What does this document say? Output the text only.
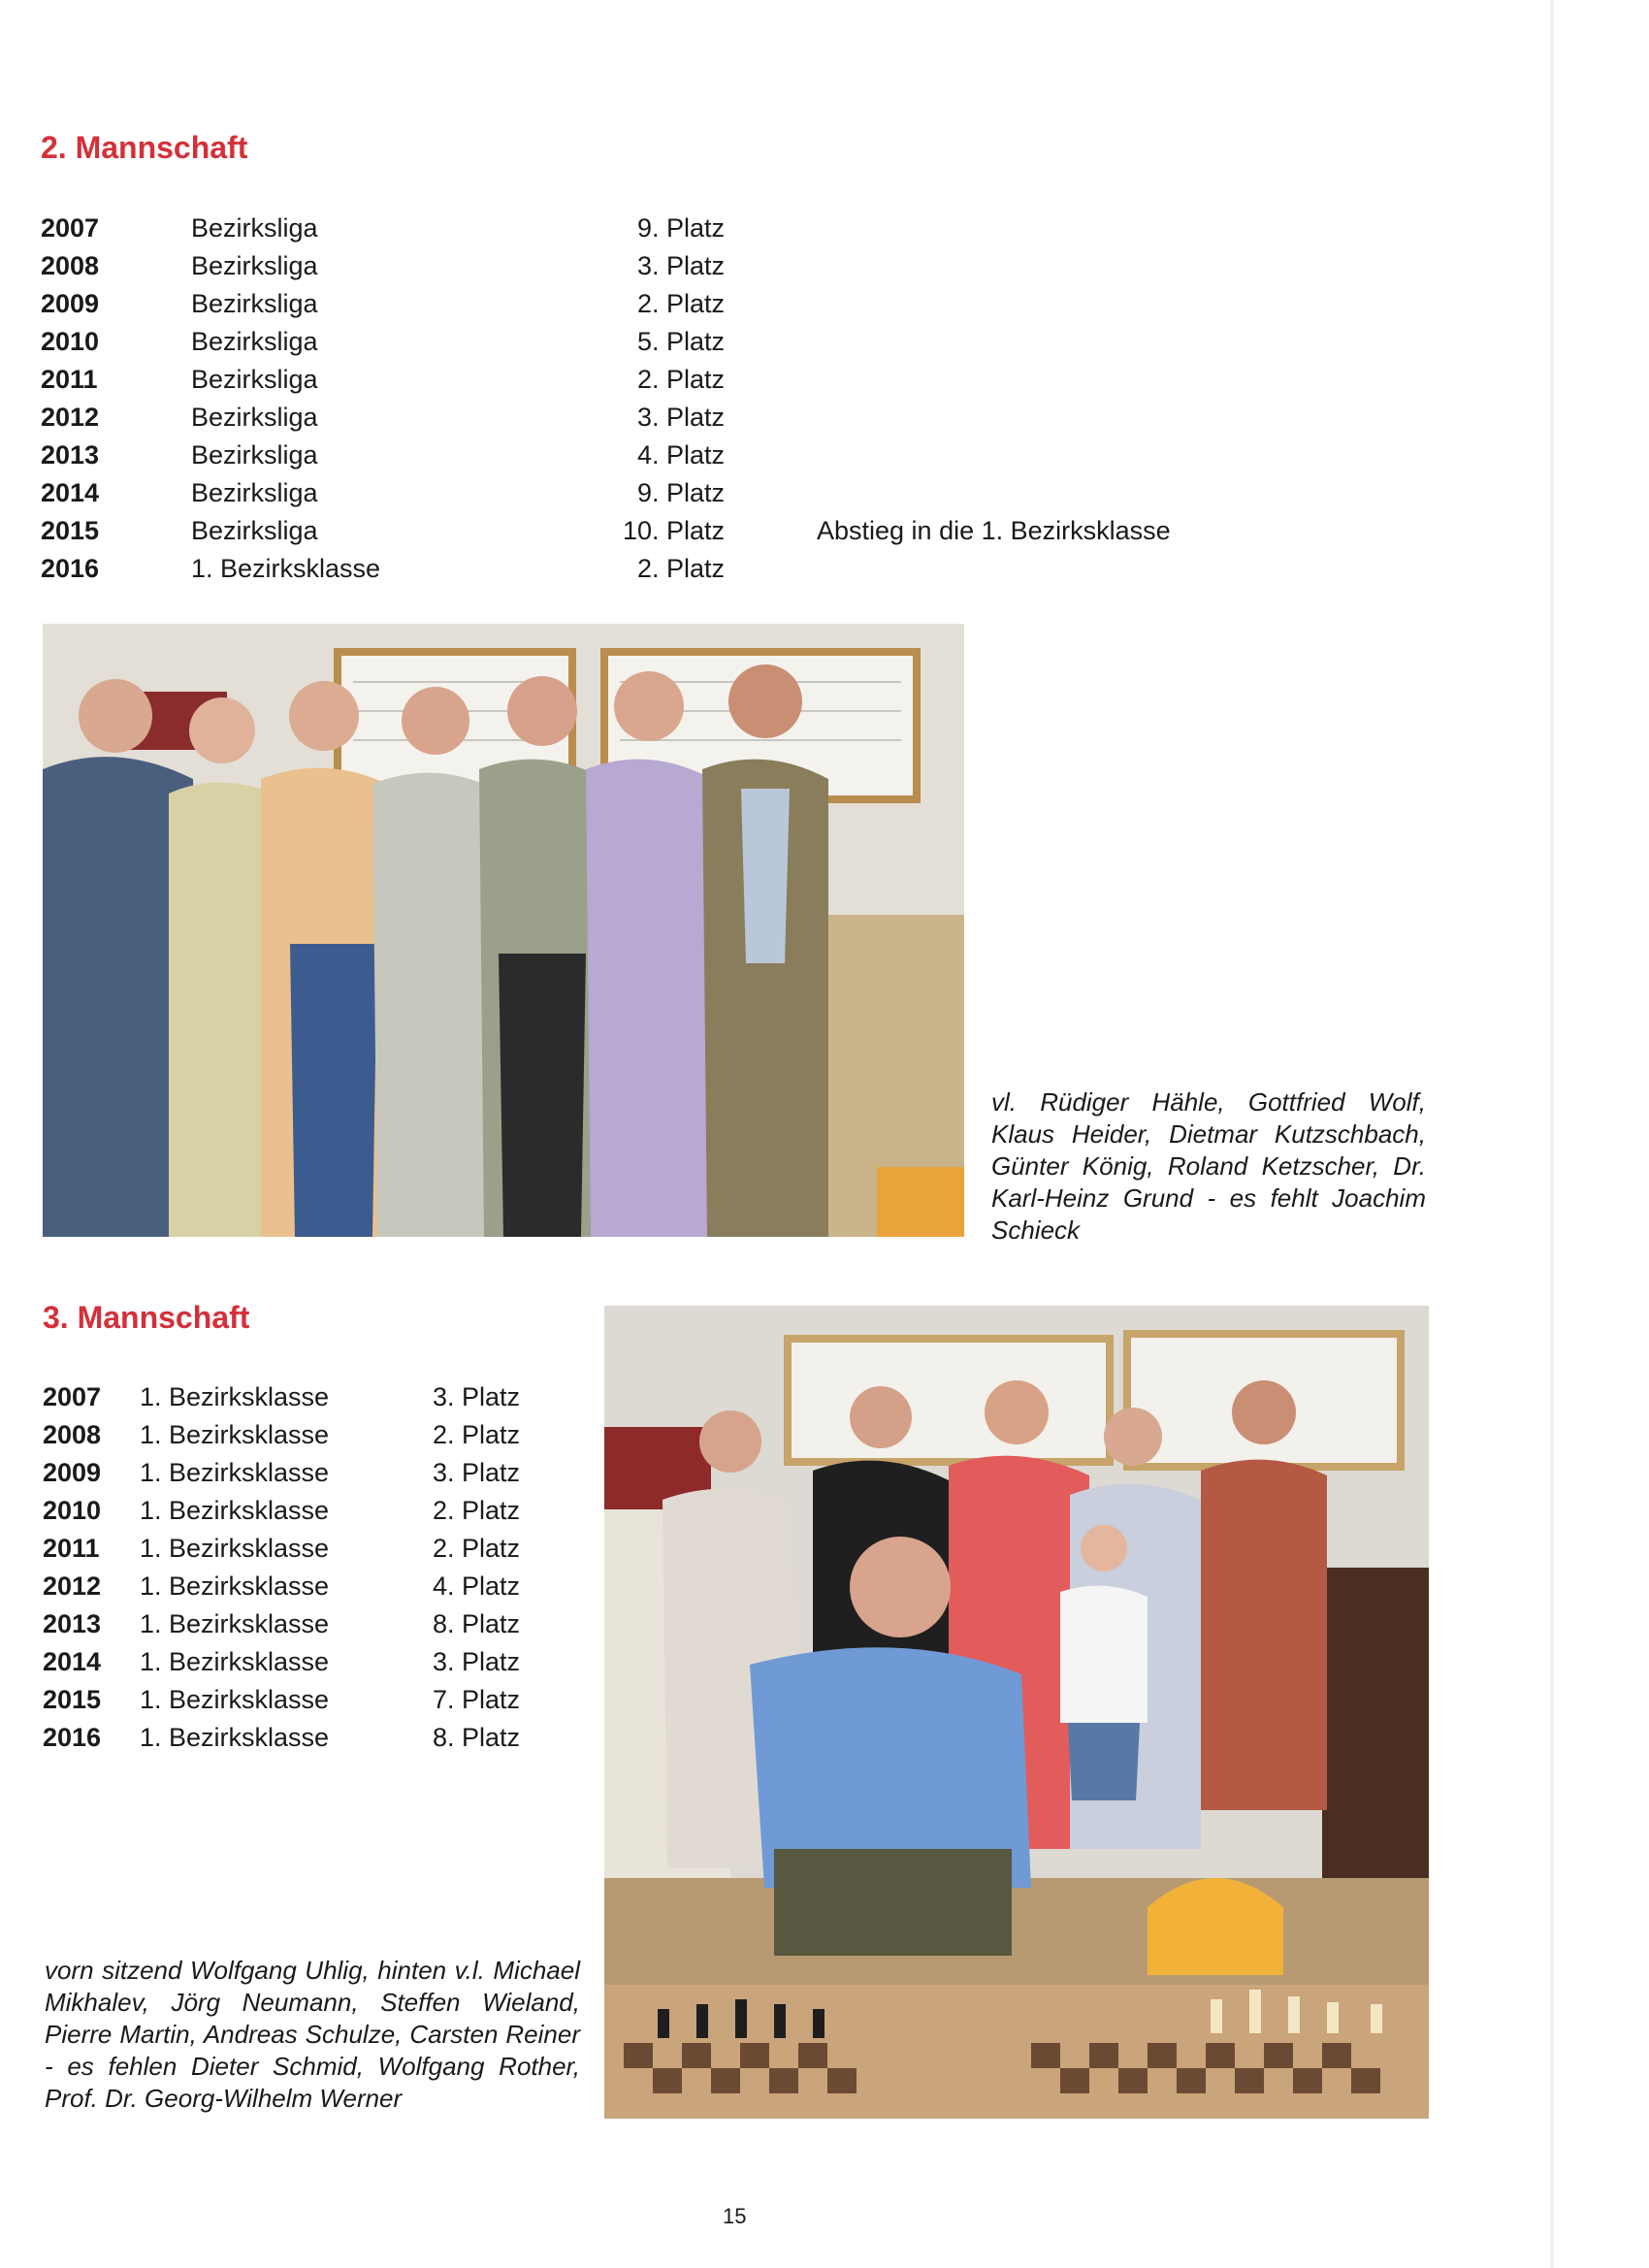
2. Mannschaft
2007	Bezirksliga	9. Platz	
2008	Bezirksliga	3. Platz	
2009	Bezirksliga	2. Platz	
2010	Bezirksliga	5. Platz	
2011	Bezirksliga	2. Platz	
2012	Bezirksliga	3. Platz	
2013	Bezirksliga	4. Platz	
2014	Bezirksliga	9. Platz	
2015	Bezirksliga	10. Platz	Abstieg in die 1. Bezirksklasse
2016	1. Bezirksklasse	2. Platz	
vl. Rüdiger Hähle, Gottfried Wolf, Klaus Heider, Dietmar Kutzschbach, Günter König, Roland Ketzscher, Dr. Karl-Heinz Grund - es fehlt Joachim Schieck
3. Mannschaft
2007	1. Bezirksklasse	3. Platz
2008	1. Bezirksklasse	2. Platz
2009	1. Bezirksklasse	3. Platz
2010	1. Bezirksklasse	2. Platz
2011	1. Bezirksklasse	2. Platz
2012	1. Bezirksklasse	4. Platz
2013	1. Bezirksklasse	8. Platz
2014	1. Bezirksklasse	3. Platz
2015	1. Bezirksklasse	7. Platz
2016	1. Bezirksklasse	8. Platz
vorn sitzend Wolfgang Uhlig, hinten v.l. Michael Mikhalev, Jörg Neumann, Steffen Wieland, Pierre Martin, Andreas Schulze, Carsten Reiner - es fehlen Dieter Schmid, Wolfgang Rother, Prof. Dr. Georg-Wilhelm Werner
15
